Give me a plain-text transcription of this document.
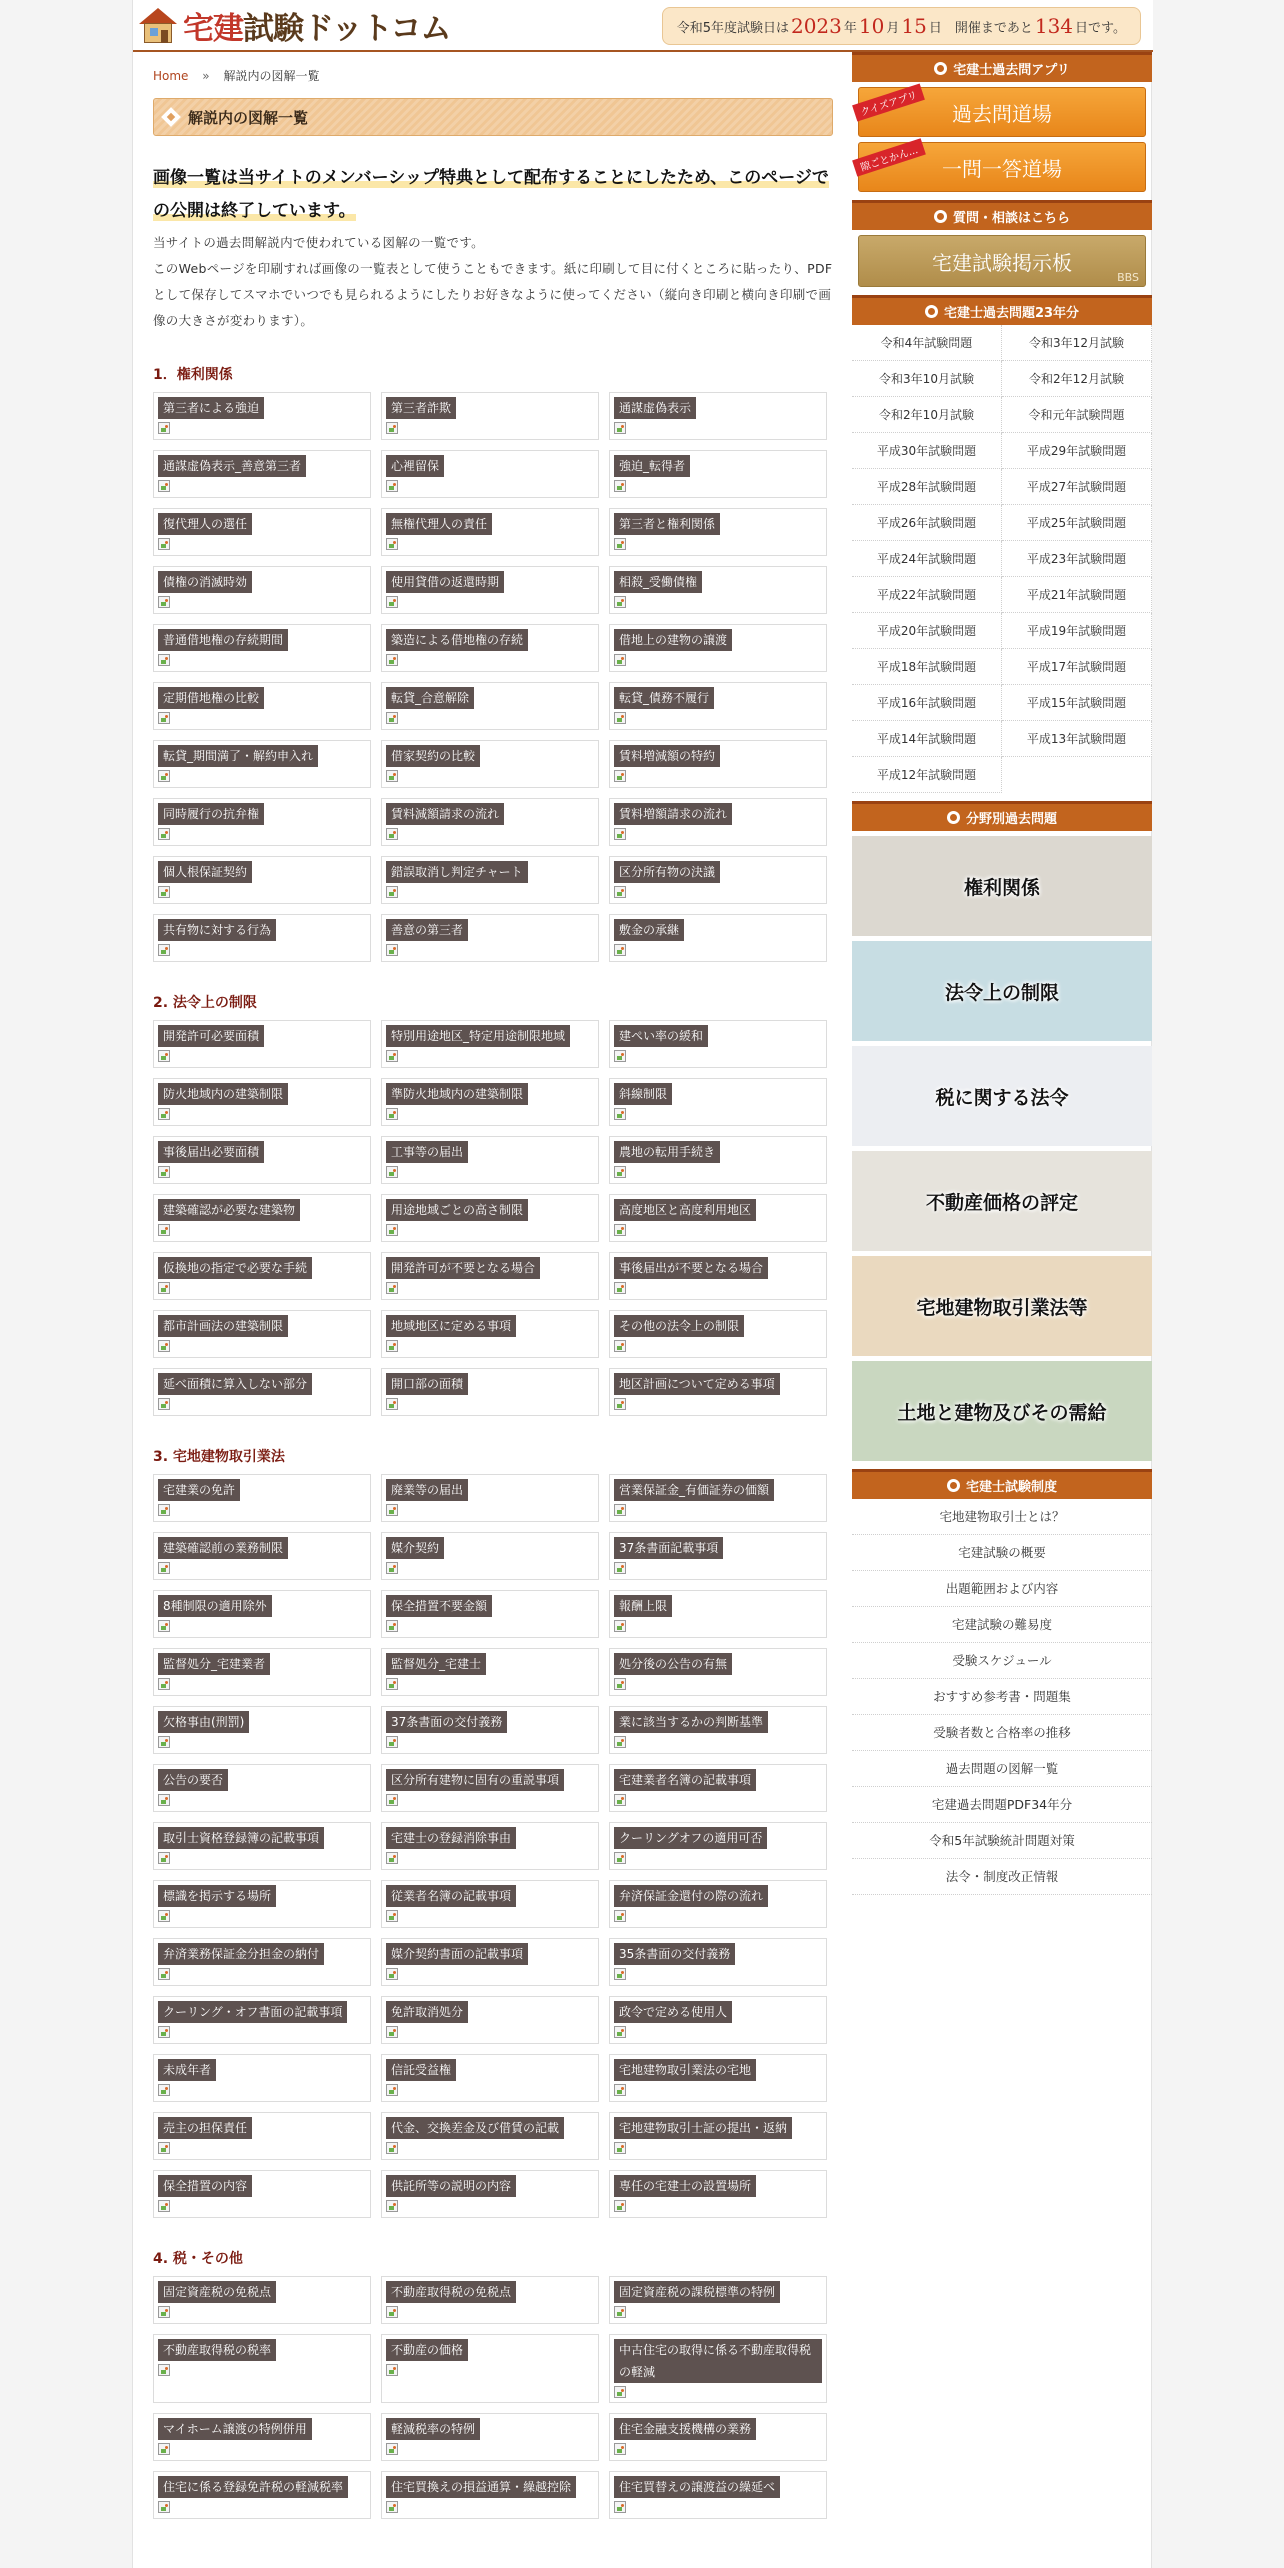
宅建試験ドットコム	令和5年度試験日は 2023 年 10 月 15 日 　開催まであと 134 日です。
Home » 解説内の図解一覧
解説内の図解一覧

画像一覧は当サイトのメンバーシップ特典として配布することにしたため、このページでの公開は終了しています。

当サイトの過去問解説内で使われている図解の一覧です。

このWebページを印刷すれば画像の一覧表として使うこともできます。紙に印刷して目に付くところに貼ったり、PDFとして保存してスマホでいつでも見られるようにしたりお好きなように使ってください（縦向き印刷と横向き印刷で画像の大きさが変わります）。

1．権利関係
第三者による強迫	第三者詐欺	通謀虚偽表示
通謀虚偽表示_善意第三者	心裡留保	強迫_転得者
復代理人の選任	無権代理人の責任	第三者と権利関係
債権の消滅時効	使用貸借の返還時期	相殺_受働債権
普通借地権の存続期間	築造による借地権の存続	借地上の建物の譲渡
定期借地権の比較	転貸_合意解除	転貸_債務不履行
転貸_期間満了・解約申入れ	借家契約の比較	賃料増減額の特約
同時履行の抗弁権	賃料減額請求の流れ	賃料増額請求の流れ
個人根保証契約	錯誤取消し判定チャート	区分所有物の決議
共有物に対する行為	善意の第三者	敷金の承継
2. 法令上の制限
開発許可必要面積	特別用途地区_特定用途制限地域	建ぺい率の緩和
防火地域内の建築制限	準防火地域内の建築制限	斜線制限
事後届出必要面積	工事等の届出	農地の転用手続き
建築確認が必要な建築物	用途地域ごとの高さ制限	高度地区と高度利用地区
仮換地の指定で必要な手続	開発許可が不要となる場合	事後届出が不要となる場合
都市計画法の建築制限	地域地区に定める事項	その他の法令上の制限
延べ面積に算入しない部分	開口部の面積	地区計画について定める事項
3. 宅地建物取引業法
宅建業の免許	廃業等の届出	営業保証金_有価証券の価額
建築確認前の業務制限	媒介契約	37条書面記載事項
8種制限の適用除外	保全措置不要金額	報酬上限
監督処分_宅建業者	監督処分_宅建士	処分後の公告の有無
欠格事由(刑罰)	37条書面の交付義務	業に該当するかの判断基準
公告の要否	区分所有建物に固有の重説事項	宅建業者名簿の記載事項
取引士資格登録簿の記載事項	宅建士の登録消除事由	クーリングオフの適用可否
標識を掲示する場所	従業者名簿の記載事項	弁済保証金還付の際の流れ
弁済業務保証金分担金の納付	媒介契約書面の記載事項	35条書面の交付義務
クーリング・オフ書面の記載事項	免許取消処分	政令で定める使用人
未成年者	信託受益権	宅地建物取引業法の宅地
売主の担保責任	代金、交換差金及び借賃の記載	宅地建物取引士証の提出・返納
保全措置の内容	供託所等の説明の内容	専任の宅建士の設置場所
4. 税・その他
固定資産税の免税点	不動産取得税の免税点	固定資産税の課税標準の特例
不動産取得税の税率	不動産の価格	中古住宅の取得に係る不動産取得税の軽減
マイホーム譲渡の特例併用	軽減税率の特例	住宅金融支援機構の業務
住宅に係る登録免許税の軽減税率	住宅買換えの損益通算・繰越控除	住宅買替えの譲渡益の繰延べ
宅建士過去問アプリ
クイズアプリ	過去問道場
隙ごとかん...	一問一答道場
質問・相談はこちら
宅建試験掲示板
BBS
宅建士過去問題23年分
令和4年試験問題	令和3年12月試験
令和3年10月試験	令和2年12月試験
令和2年10月試験	令和元年試験問題
平成30年試験問題	平成29年試験問題
平成28年試験問題	平成27年試験問題
平成26年試験問題	平成25年試験問題
平成24年試験問題	平成23年試験問題
平成22年試験問題	平成21年試験問題
平成20年試験問題	平成19年試験問題
平成18年試験問題	平成17年試験問題
平成16年試験問題	平成15年試験問題
平成14年試験問題	平成13年試験問題
平成12年試験問題
分野別過去問題
権利関係
法令上の制限
税に関する法令
不動産価格の評定
宅地建物取引業法等
土地と建物及びその需給
宅建士試験制度
宅地建物取引士とは？
宅建試験の概要
出題範囲および内容
宅建試験の難易度
受験スケジュール
おすすめ参考書・問題集
受験者数と合格率の推移
過去問題の図解一覧
宅建過去問題PDF34年分
令和5年試験統計問題対策
法令・制度改正情報
